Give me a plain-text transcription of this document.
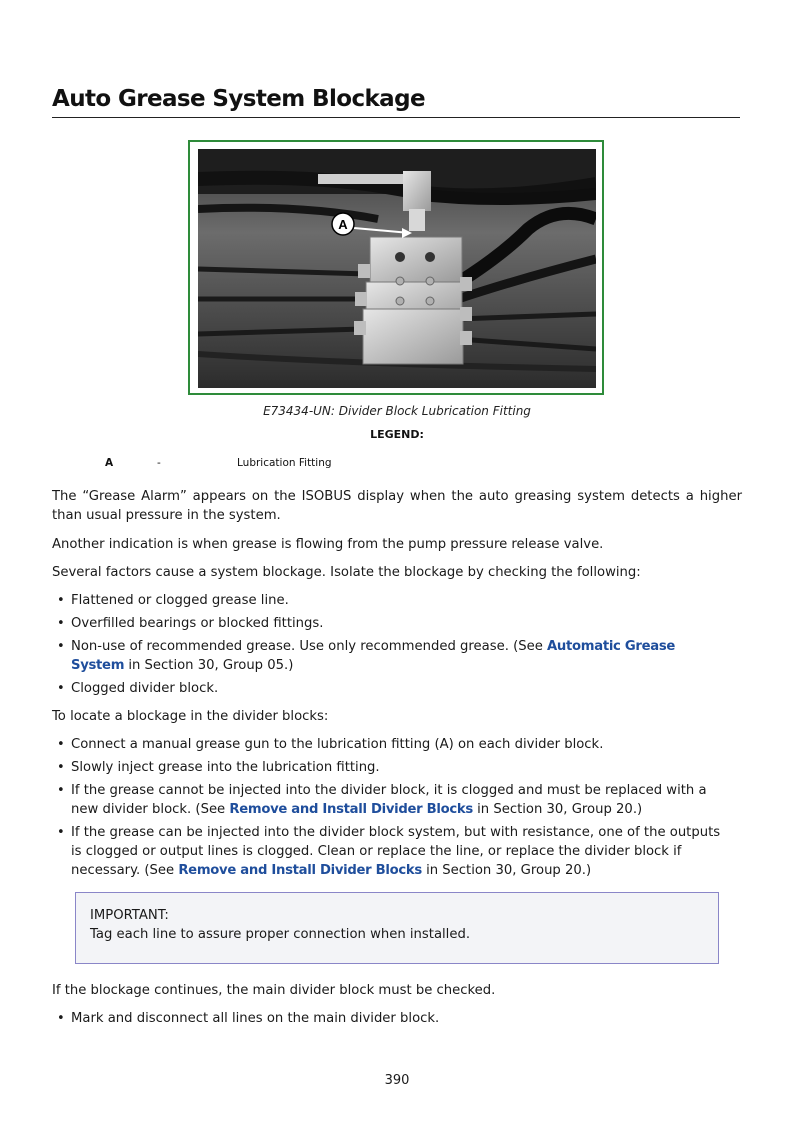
Auto Grease System Blockage
A
E73434-UN: Divider Block Lubrication Fitting
LEGEND:
A	-	Lubrication Fitting

The “Grease Alarm” appears on the ISOBUS display when the auto greasing system detects a higher than usual pressure in the system.

Another indication is when grease is flowing from the pump pressure release valve.

Several factors cause a system blockage. Isolate the blockage by checking the following:

• Flattened or clogged grease line.
• Overfilled bearings or blocked fittings.
• Non-use of recommended grease. Use only recommended grease. (See Automatic Grease System in Section 30, Group 05.)
• Clogged divider block.

To locate a blockage in the divider blocks:

• Connect a manual grease gun to the lubrication fitting (A) on each divider block.
• Slowly inject grease into the lubrication fitting.
• If the grease cannot be injected into the divider block, it is clogged and must be replaced with a new divider block. (See Remove and Install Divider Blocks in Section 30, Group 20.)
• If the grease can be injected into the divider block system, but with resistance, one of the outputs is clogged or output lines is clogged. Clean or replace the line, or replace the divider block if necessary. (See Remove and Install Divider Blocks in Section 30, Group 20.)
IMPORTANT:
Tag each line to assure proper connection when installed.

If the blockage continues, the main divider block must be checked.

• Mark and disconnect all lines on the main divider block.
390
